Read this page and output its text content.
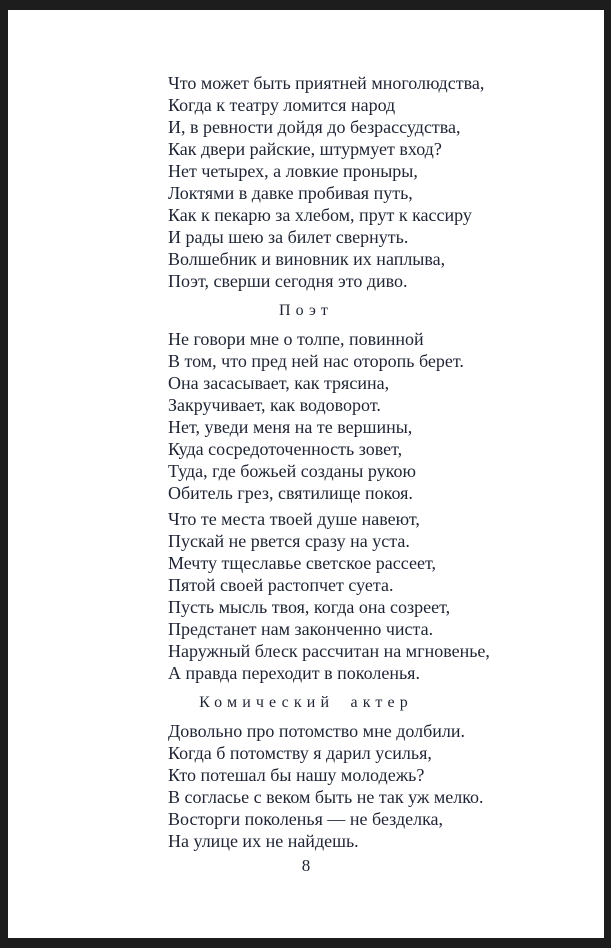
Что может быть приятней многолюдства,
Когда к театру ломится народ
И, в ревности дойдя до безрассудства,
Как двери райские, штурмует вход?
Нет четырех, а ловкие проныры,
Локтями в давке пробивая путь,
Как к пекарю за хлебом, прут к кассиру
И рады шею за билет свернуть.
Волшебник и виновник их наплыва,
Поэт, сверши сегодня это диво.
Поэт
Не говори мне о толпе, повинной
В том, что пред ней нас оторопь берет.
Она засасывает, как трясина,
Закручивает, как водоворот.
Нет, уведи меня на те вершины,
Куда сосредоточенность зовет,
Туда, где божьей созданы рукою
Обитель грез, святилище покоя.
Что те места твоей душе навеют,
Пускай не рвется сразу на уста.
Мечту тщеславье светское рассеет,
Пятой своей растопчет суета.
Пусть мысль твоя, когда она созреет,
Предстанет нам законченно чиста.
Наружный блеск рассчитан на мгновенье,
А правда переходит в поколенья.
Комический актер
Довольно про потомство мне долбили.
Когда б потомству я дарил усилья,
Кто потешал бы нашу молодежь?
В согласье с веком быть не так уж мелко.
Восторги поколенья — не безделка,
На улице их не найдешь.
8
